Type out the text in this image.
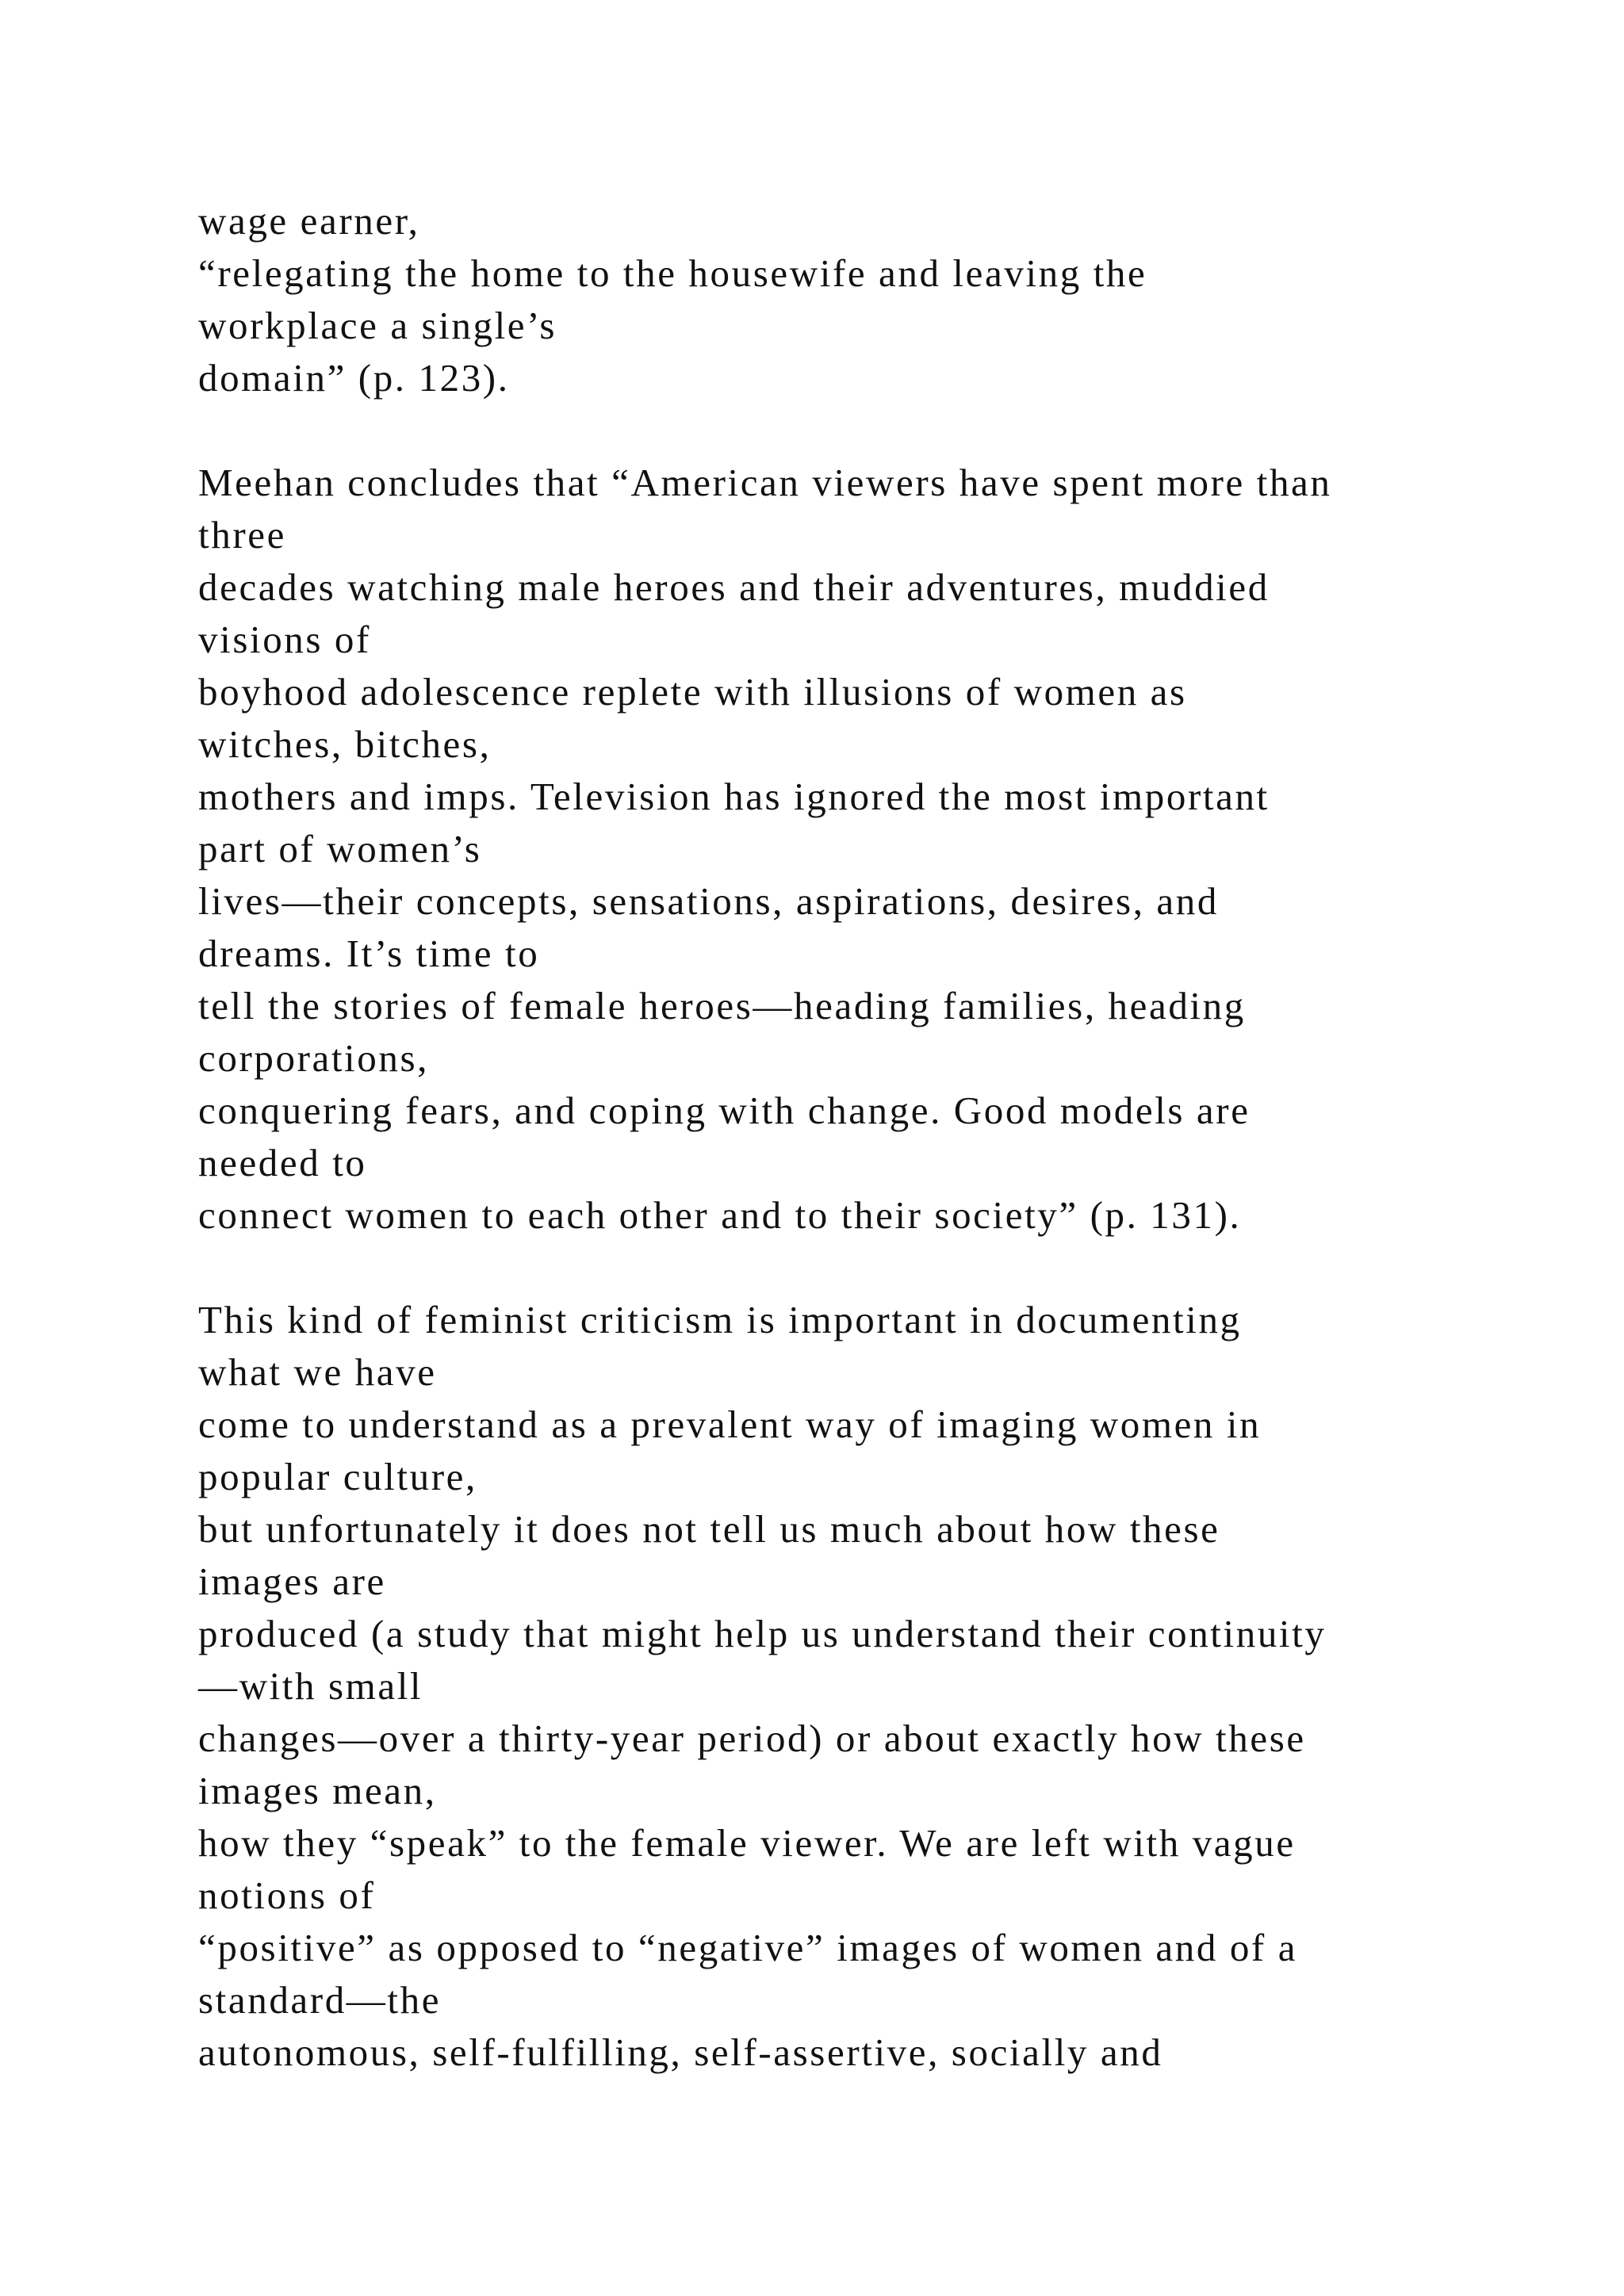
wage earner,
“relegating the home to the housewife and leaving the
workplace a single’s
domain” (p. 123).
Meehan concludes that “American viewers have spent more than
three
decades watching male heroes and their adventures, muddied
visions of
boyhood adolescence replete with illusions of women as
witches, bitches,
mothers and imps. Television has ignored the most important
part of women’s
lives—their concepts, sensations, aspirations, desires, and
dreams. It’s time to
tell the stories of female heroes—heading families, heading
corporations,
conquering fears, and coping with change. Good models are
needed to
connect women to each other and to their society” (p. 131).
This kind of feminist criticism is important in documenting
what we have
come to understand as a prevalent way of imaging women in
popular culture,
but unfortunately it does not tell us much about how these
images are
produced (a study that might help us understand their continuity
—with small
changes—over a thirty-year period) or about exactly how these
images mean,
how they “speak” to the female viewer. We are left with vague
notions of
“positive” as opposed to “negative” images of women and of a
standard—the
autonomous, self-fulfilling, self-assertive, socially and
